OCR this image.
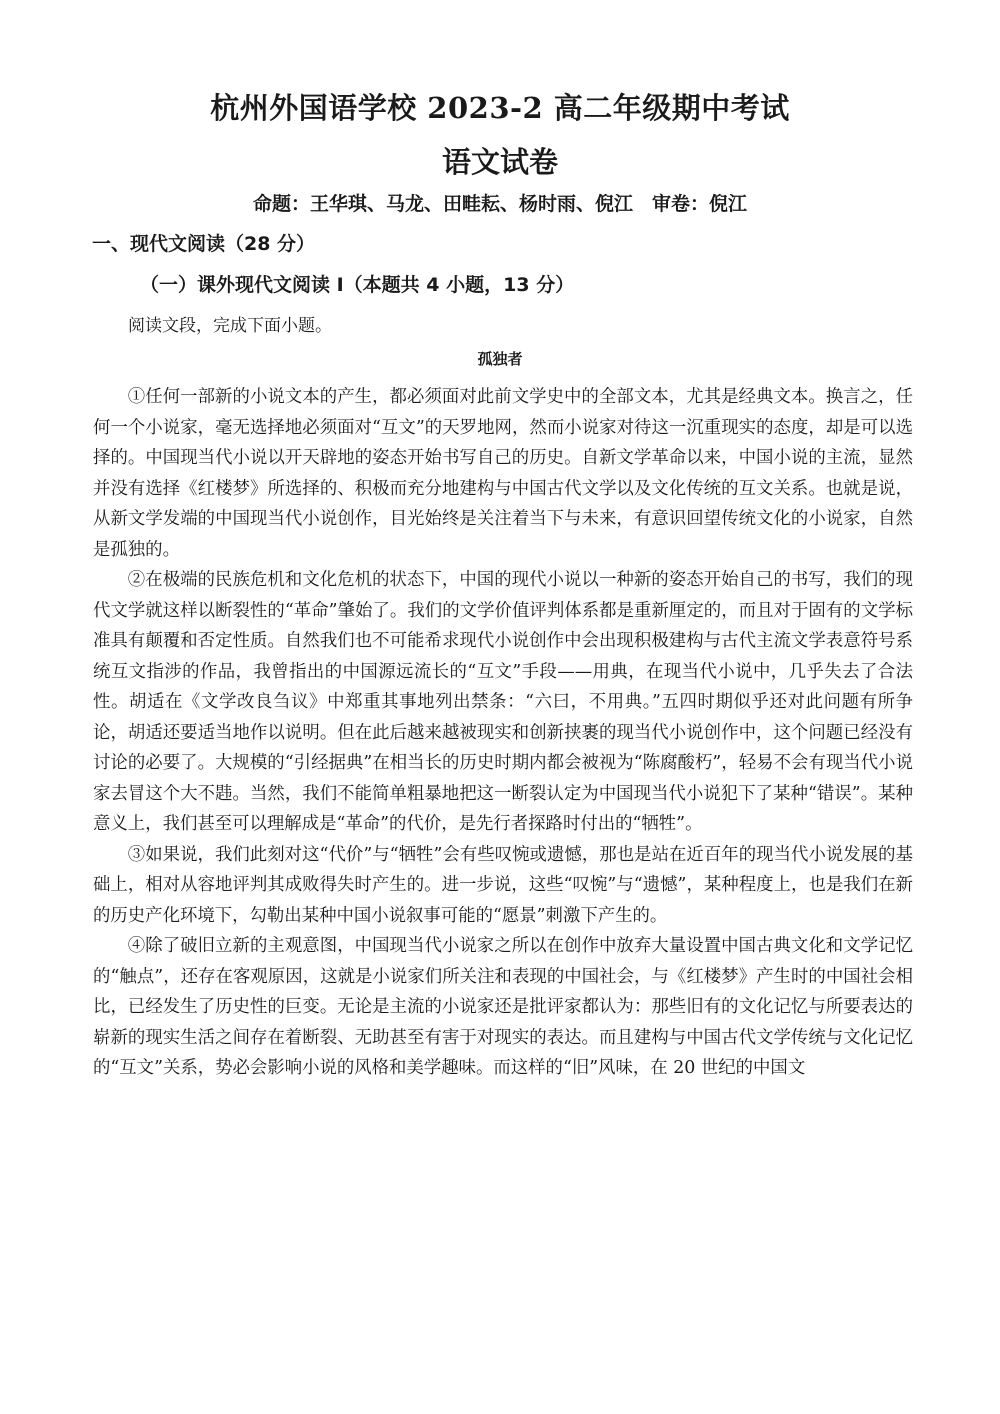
杭州外国语学校 2023-2 高二年级期中考试
语文试卷
命题：王华琪、马龙、田畦耘、杨时雨、倪江　审卷：倪江
一、现代文阅读（28 分）
（一）课外现代文阅读 I（本题共 4 小题，13 分）
阅读文段，完成下面小题。
孤独者

①任何一部新的小说文本的产生，都必须面对此前文学史中的全部文本，尤其是经典文本。换言之，任何一个小说家，毫无选择地必须面对“互文”的天罗地网，然而小说家对待这一沉重现实的态度，却是可以选择的。中国现当代小说以开天辟地的姿态开始书写自己的历史。自新文学革命以来，中国小说的主流，显然并没有选择《红楼梦》所选择的、积极而充分地建构与中国古代文学以及文化传统的互文关系。也就是说，从新文学发端的中国现当代小说创作，目光始终是关注着当下与未来，有意识回望传统文化的小说家，自然是孤独的。

②在极端的民族危机和文化危机的状态下，中国的现代小说以一种新的姿态开始自己的书写，我们的现代文学就这样以断裂性的“革命”肇始了。我们的文学价值评判体系都是重新厘定的，而且对于固有的文学标准具有颠覆和否定性质。自然我们也不可能希求现代小说创作中会出现积极建构与古代主流文学表意符号系统互文指涉的作品，我曾指出的中国源远流长的“互文”手段——用典，在现当代小说中，几乎失去了合法性。胡适在《文学改良刍议》中郑重其事地列出禁条：“六曰，不用典。”五四时期似乎还对此问题有所争论，胡适还要适当地作以说明。但在此后越来越被现实和创新挟裹的现当代小说创作中，这个问题已经没有讨论的必要了。大规模的“引经据典”在相当长的历史时期内都会被视为“陈腐酸朽”，轻易不会有现当代小说家去冒这个大不韪。当然，我们不能简单粗暴地把这一断裂认定为中国现当代小说犯下了某种“错误”。某种意义上，我们甚至可以理解成是“革命”的代价，是先行者探路时付出的“牺牲”。

③如果说，我们此刻对这“代价”与“牺牲”会有些叹惋或遗憾，那也是站在近百年的现当代小说发展的基础上，相对从容地评判其成败得失时产生的。进一步说，这些“叹惋”与“遗憾”，某种程度上，也是我们在新的历史产化环境下，勾勒出某种中国小说叙事可能的“愿景”刺激下产生的。

④除了破旧立新的主观意图，中国现当代小说家之所以在创作中放弃大量设置中国古典文化和文学记忆的“触点”，还存在客观原因，这就是小说家们所关注和表现的中国社会，与《红楼梦》产生时的中国社会相比，已经发生了历史性的巨变。无论是主流的小说家还是批评家都认为：那些旧有的文化记忆与所要表达的崭新的现实生活之间存在着断裂、无助甚至有害于对现实的表达。而且建构与中国古代文学传统与文化记忆的“互文”关系，势必会影响小说的风格和美学趣味。而这样的“旧”风味，在 20 世纪的中国文
